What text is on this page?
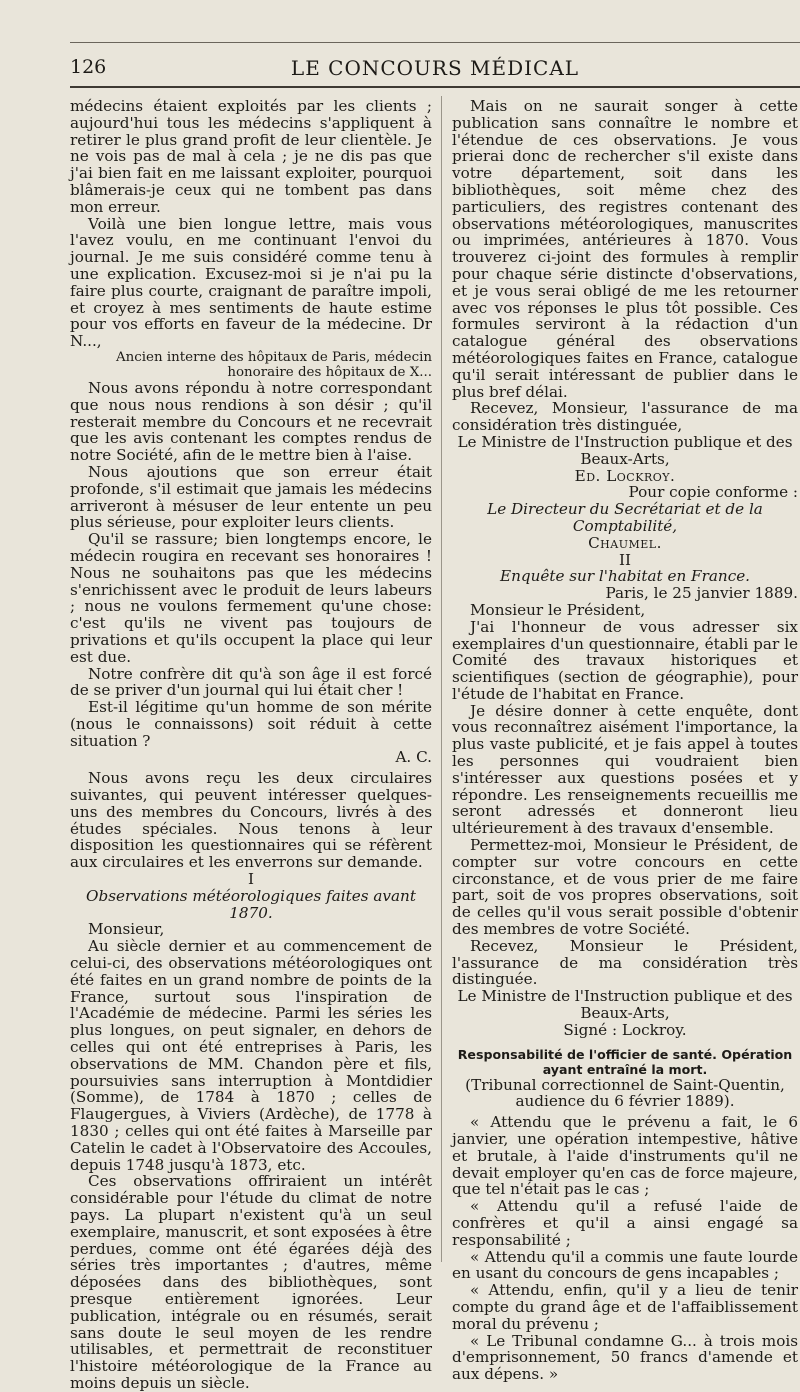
126	LE CONCOURS MÉDICAL

médecins étaient exploités par les clients ; aujourd'hui tous les médecins s'appliquent à retirer le plus grand profit de leur clientèle. Je ne vois pas de mal à cela ; je ne dis pas que j'ai bien fait en me laissant exploiter, pourquoi blâmerais-je ceux qui ne tombent pas dans mon erreur.

Voilà une bien longue lettre, mais vous l'avez voulu, en me continuant l'envoi du journal. Je me suis considéré comme tenu à une explication. Excusez-moi si je n'ai pu la faire plus courte, craignant de paraître impoli, et croyez à mes sentiments de haute estime pour vos efforts en faveur de la médecine. Dr N...,

Ancien interne des hôpitaux de Paris, médecin honoraire des hôpitaux de X...

Nous avons répondu à notre correspondant que nous nous rendions à son désir ; qu'il resterait membre du Concours et ne recevrait que les avis contenant les comptes rendus de notre Société, afin de le mettre bien à l'aise.

Nous ajoutions que son erreur était profonde, s'il estimait que jamais les médecins arriveront à mésuser de leur entente un peu plus sérieuse, pour exploiter leurs clients.

Qu'il se rassure; bien longtemps encore, le médecin rougira en recevant ses honoraires ! Nous ne souhaitons pas que les médecins s'enrichissent avec le produit de leurs labeurs ; nous ne voulons fermement qu'une chose: c'est qu'ils ne vivent pas toujours de privations et qu'ils occupent la place qui leur est due.

Notre confrère dit qu'à son âge il est forcé de se priver d'un journal qui lui était cher !

Est-il légitime qu'un homme de son mérite (nous le connaissons) soit réduit à cette situation ?

A. C.

Nous avons reçu les deux circulaires suivantes, qui peuvent intéresser quelques-uns des membres du Concours, livrés à des études spéciales. Nous tenons à leur disposition les questionnaires qui se réfèrent aux circulaires et les enverrons sur demande.

I

Observations météorologiques faites avant 1870.

Monsieur,

Au siècle dernier et au commencement de celui-ci, des observations météorologiques ont été faites en un grand nombre de points de la France, surtout sous l'inspiration de l'Académie de médecine. Parmi les séries les plus longues, on peut signaler, en dehors de celles qui ont été entreprises à Paris, les observations de MM. Chandon père et fils, poursuivies sans interruption à Montdidier (Somme), de 1784 à 1870 ; celles de Flaugergues, à Viviers (Ardèche), de 1778 à 1830 ; celles qui ont été faites à Marseille par Catelin le cadet à l'Observatoire des Accoules, depuis 1748 jusqu'à 1873, etc.

Ces observations offriraient un intérêt considérable pour l'étude du climat de notre pays. La plupart n'existent qu'à un seul exemplaire, manuscrit, et sont exposées à être perdues, comme ont été égarées déjà des séries très importantes ; d'autres, même déposées dans des bibliothèques, sont presque entièrement ignorées. Leur publication, intégrale ou en résumés, serait sans doute le seul moyen de les rendre utilisables, et permettrait de reconstituer l'histoire météorologique de la France au moins depuis un siècle.

Mais on ne saurait songer à cette publication sans connaître le nombre et l'étendue de ces observations. Je vous prierai donc de rechercher s'il existe dans votre département, soit dans les bibliothèques, soit même chez des particuliers, des registres contenant des observations météorologiques, manuscrites ou imprimées, antérieures à 1870. Vous trouverez ci-joint des formules à remplir pour chaque série distincte d'observations, et je vous serai obligé de me les retourner avec vos réponses le plus tôt possible. Ces formules serviront à la rédaction d'un catalogue général des observations météorologiques faites en France, catalogue qu'il serait intéressant de publier dans le plus bref délai.

Recevez, Monsieur, l'assurance de ma considération très distinguée,

Le Ministre de l'Instruction publique et des Beaux-Arts,

Ed. Lockroy.

Pour copie conforme :

Le Directeur du Secrétariat et de la Comptabilité,

Chaumel.

II

Enquête sur l'habitat en France.

Paris, le 25 janvier 1889.

Monsieur le Président,

J'ai l'honneur de vous adresser six exemplaires d'un questionnaire, établi par le Comité des travaux historiques et scientifiques (section de géographie), pour l'étude de l'habitat en France.

Je désire donner à cette enquête, dont vous reconnaîtrez aisément l'importance, la plus vaste publicité, et je fais appel à toutes les personnes qui voudraient bien s'intéresser aux questions posées et y répondre. Les renseignements recueillis me seront adressés et donneront lieu ultérieurement à des travaux d'ensemble.

Permettez-moi, Monsieur le Président, de compter sur votre concours en cette circonstance, et de vous prier de me faire part, soit de vos propres observations, soit de celles qu'il vous serait possible d'obtenir des membres de votre Société.

Recevez, Monsieur le Président, l'assurance de ma considération très distinguée.

Le Ministre de l'Instruction publique et des Beaux-Arts,

Signé : Lockroy.

Responsabilité de l'officier de santé. Opération ayant entraîné la mort.

(Tribunal correctionnel de Saint-Quentin, audience du 6 février 1889).

« Attendu que le prévenu a fait, le 6 janvier, une opération intempestive, hâtive et brutale, à l'aide d'instruments qu'il ne devait employer qu'en cas de force majeure, que tel n'était pas le cas ;

« Attendu qu'il a refusé l'aide de confrères et qu'il a ainsi engagé sa responsabilité ;

« Attendu qu'il a commis une faute lourde en usant du concours de gens incapables ;

« Attendu, enfin, qu'il y a lieu de tenir compte du grand âge et de l'affaiblissement moral du prévenu ;

« Le Tribunal condamne G... à trois mois d'emprisonnement, 50 francs d'amende et aux dépens. »
